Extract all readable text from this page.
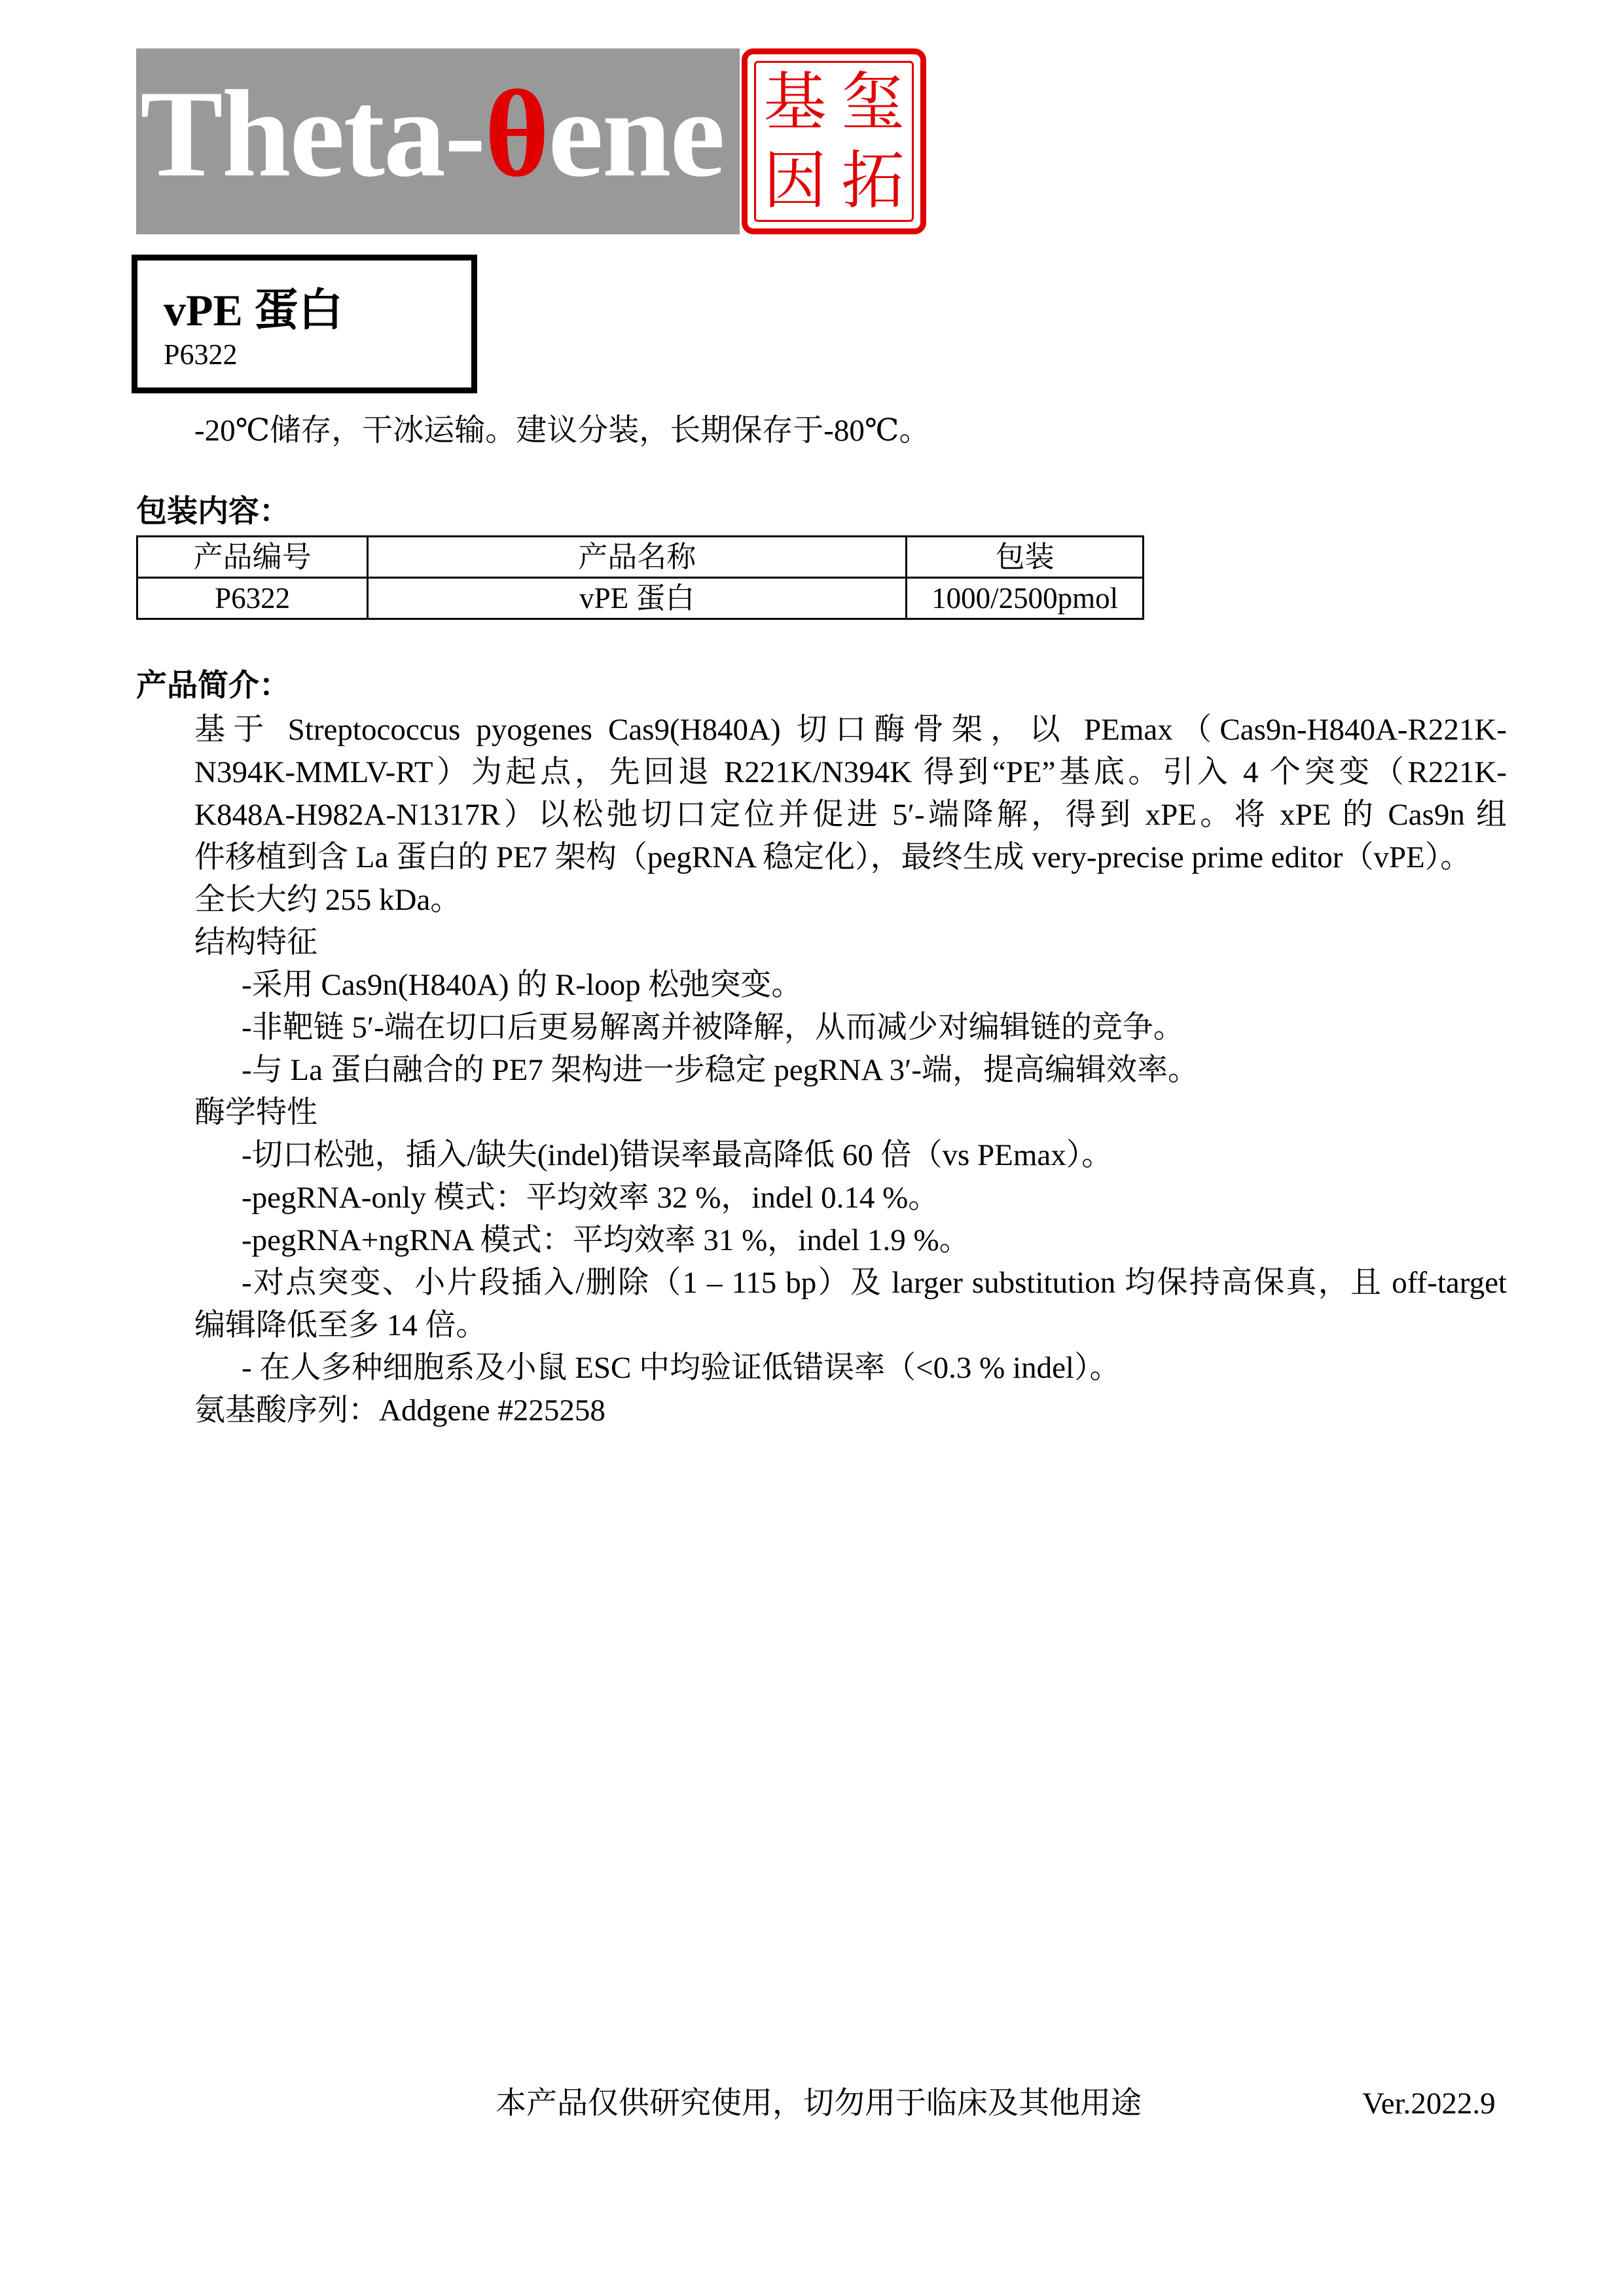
Theta-θene 基 玺
因 拓
vPE 蛋白
P6322
-20℃储存，干冰运输。建议分装，长期保存于-80℃。
包装内容：
产品编号	产品名称	包装
P6322	vPE 蛋白	1000/2500pmol
产品简介：
基于 Streptococcus pyogenes Cas9(H840A) 切口酶骨架，以 PEmax（Cas9n-H840A-R221K-
N394K-MMLV-RT）为起点，先回退 R221K/N394K 得到“PE”基底。引入 4 个突变（R221K-
K848A-H982A-N1317R）以松弛切口定位并促进 5′-端降解，得到 xPE。将 xPE 的 Cas9n 组
件移植到含 La 蛋白的 PE7 架构（pegRNA 稳定化），最终生成 very-precise prime editor（vPE）。
全长大约 255 kDa。
结构特征
-采用 Cas9n(H840A) 的 R-loop 松弛突变。
-非靶链 5′-端在切口后更易解离并被降解，从而减少对编辑链的竞争。
-与 La 蛋白融合的 PE7 架构进一步稳定 pegRNA 3′-端，提高编辑效率。
酶学特性
-切口松弛，插入/缺失(indel)错误率最高降低 60 倍（vs PEmax）。
-pegRNA-only 模式：平均效率 32 %，indel 0.14 %。
-pegRNA+ngRNA 模式：平均效率 31 %，indel 1.9 %。
-对点突变、小片段插入/删除（1 – 115 bp）及 larger substitution 均保持高保真，且 off-target
编辑降低至多 14 倍。
- 在人多种细胞系及小鼠 ESC 中均验证低错误率（<0.3 % indel）。
氨基酸序列：Addgene #225258
本产品仅供研究使用，切勿用于临床及其他用途	Ver.2022.9
